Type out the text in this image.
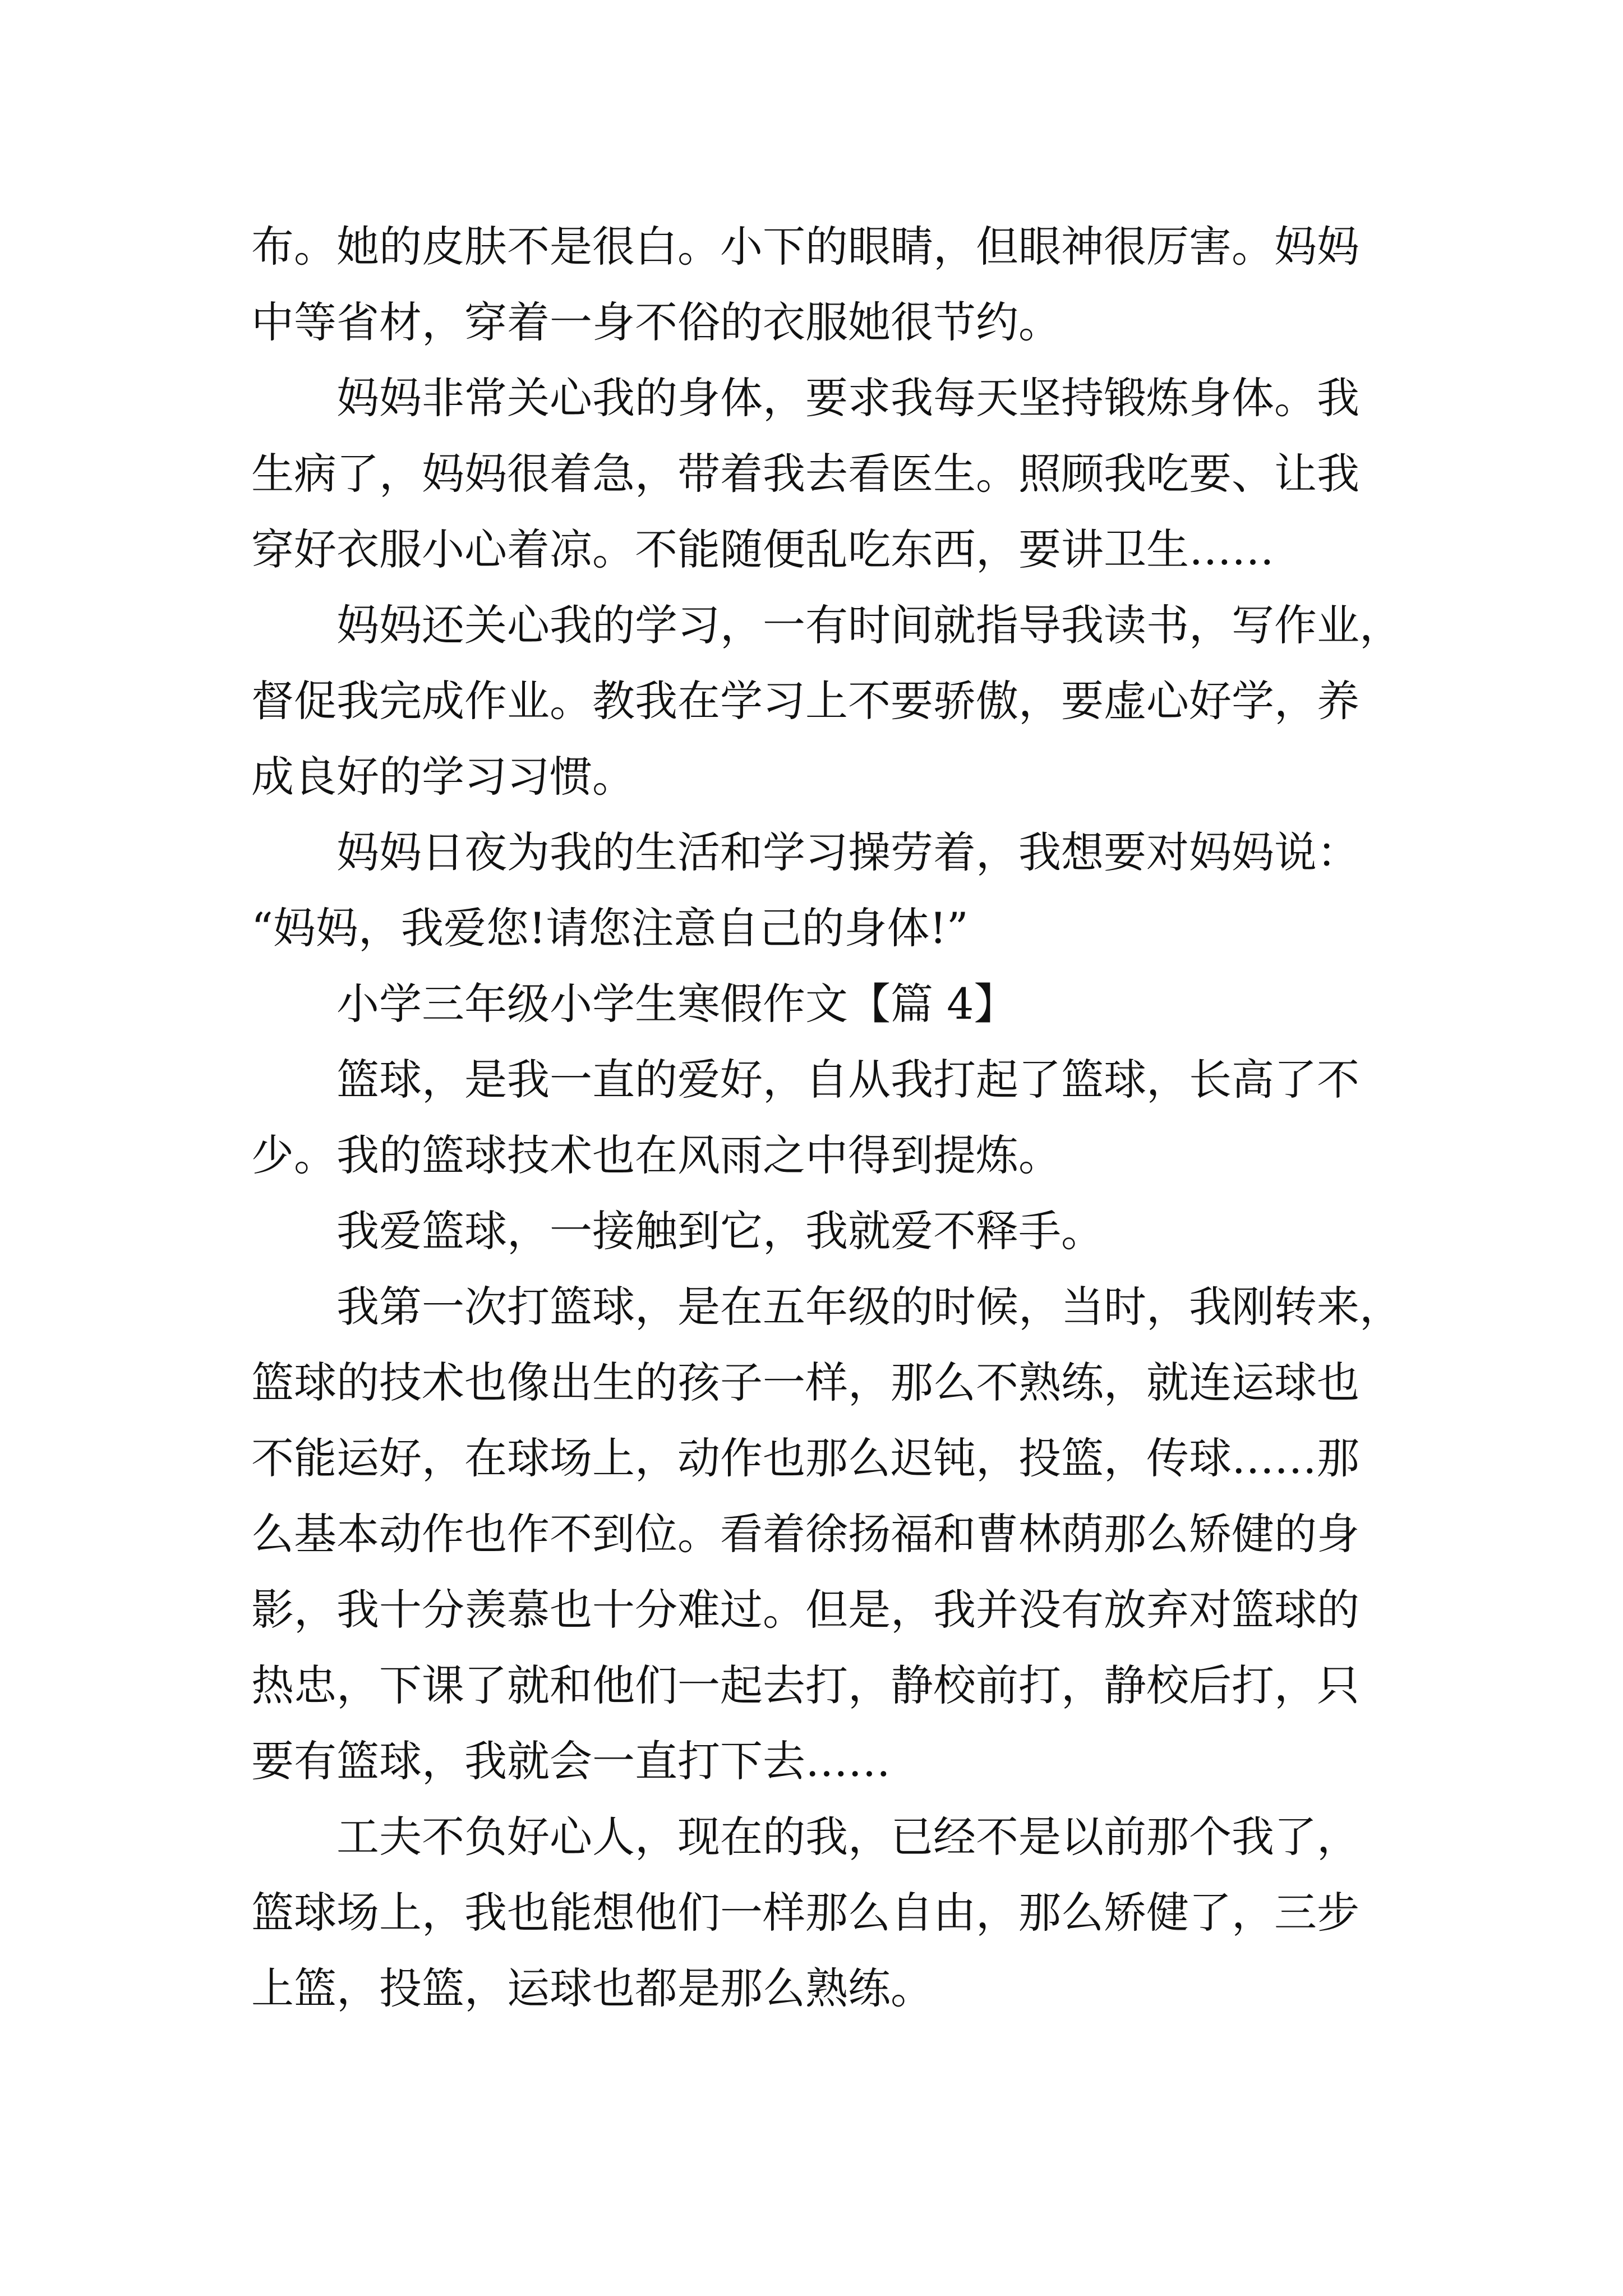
布。她的皮肤不是很白。小下的眼睛，但眼神很厉害。妈妈
中等省材，穿着一身不俗的衣服她很节约。
妈妈非常关心我的身体，要求我每天坚持锻炼身体。我
生病了，妈妈很着急，带着我去看医生。照顾我吃要、让我
穿好衣服小心着凉。不能随便乱吃东西，要讲卫生……
妈妈还关心我的学习，一有时间就指导我读书，写作业，
督促我完成作业。教我在学习上不要骄傲，要虚心好学，养
成良好的学习习惯。
妈妈日夜为我的生活和学习操劳着，我想要对妈妈说：
“妈妈，我爱您!请您注意自己的身体!”
小学三年级小学生寒假作文【篇 4】
篮球，是我一直的爱好，自从我打起了篮球，长高了不
少。我的篮球技术也在风雨之中得到提炼。
我爱篮球，一接触到它，我就爱不释手。
我第一次打篮球，是在五年级的时候，当时，我刚转来，
篮球的技术也像出生的孩子一样，那么不熟练，就连运球也
不能运好，在球场上，动作也那么迟钝，投篮，传球……那
么基本动作也作不到位。看着徐扬福和曹林荫那么矫健的身
影，我十分羡慕也十分难过。但是，我并没有放弃对篮球的
热忠，下课了就和他们一起去打，静校前打，静校后打，只
要有篮球，我就会一直打下去……
工夫不负好心人，现在的我，已经不是以前那个我了，
篮球场上，我也能想他们一样那么自由，那么矫健了，三步
上篮，投篮，运球也都是那么熟练。
